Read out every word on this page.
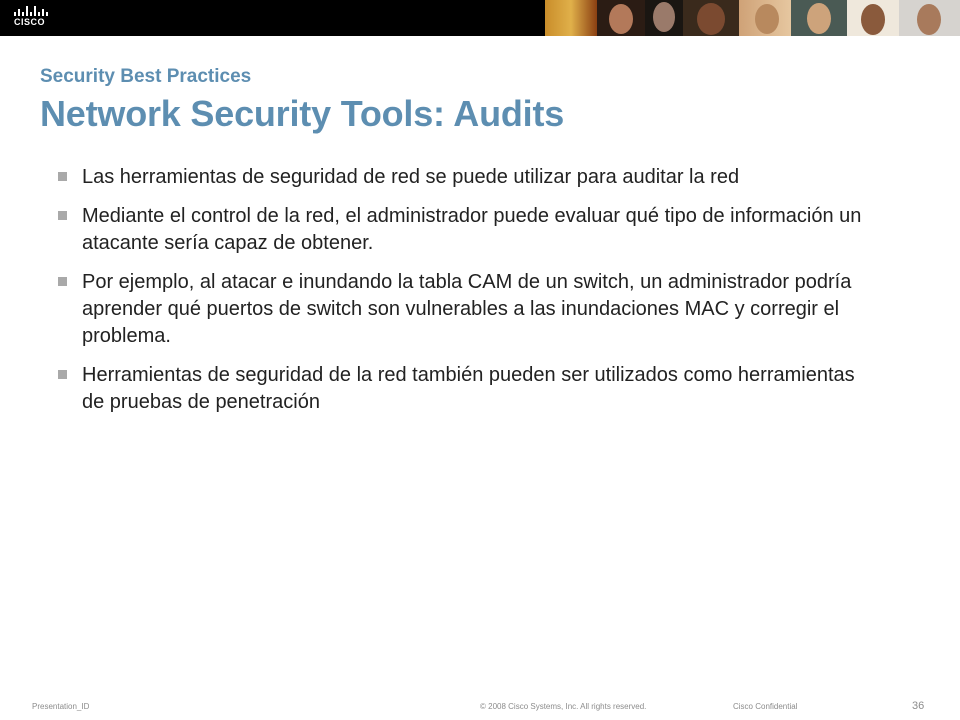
CISCO
Security Best Practices
Network Security Tools: Audits
Las herramientas de seguridad de red se puede utilizar para auditar la red
Mediante el control de la red, el administrador puede evaluar qué tipo de información un atacante sería capaz de obtener.
Por ejemplo, al atacar e inundando la tabla CAM de un switch, un administrador podría aprender qué puertos de switch son vulnerables a las inundaciones MAC y corregir el problema.
Herramientas de seguridad de la red también pueden ser utilizados como herramientas de pruebas de penetración
Presentation_ID	© 2008 Cisco Systems, Inc. All rights reserved.	Cisco Confidential	36
